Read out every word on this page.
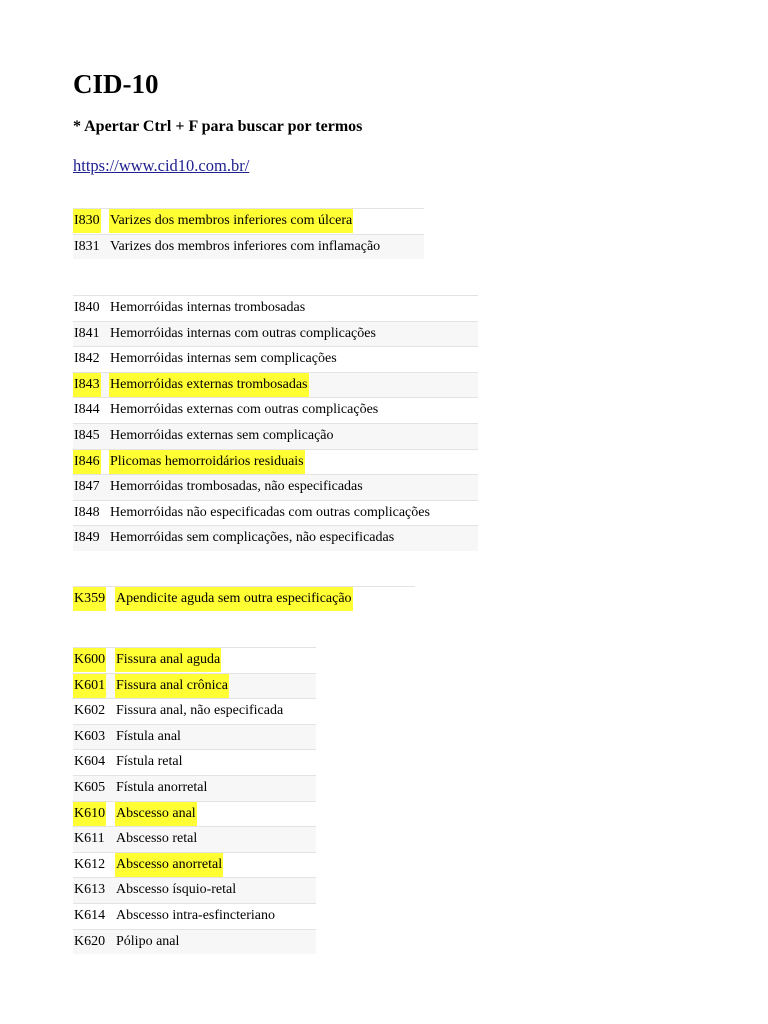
CID-10
* Apertar Ctrl + F para buscar por termos
https://www.cid10.com.br/
I830 Varizes dos membros inferiores com úlcera
I831 Varizes dos membros inferiores com inflamação
I840 Hemorróidas internas trombosadas
I841 Hemorróidas internas com outras complicações
I842 Hemorróidas internas sem complicações
I843 Hemorróidas externas trombosadas
I844 Hemorróidas externas com outras complicações
I845 Hemorróidas externas sem complicação
I846 Plicomas hemorroidários residuais
I847 Hemorróidas trombosadas, não especificadas
I848 Hemorróidas não especificadas com outras complicações
I849 Hemorróidas sem complicações, não especificadas
K359 Apendicite aguda sem outra especificação
K600 Fissura anal aguda
K601 Fissura anal crônica
K602 Fissura anal, não especificada
K603 Fístula anal
K604 Fístula retal
K605 Fístula anorretal
K610 Abscesso anal
K611 Abscesso retal
K612 Abscesso anorretal
K613 Abscesso ísquio-retal
K614 Abscesso intra-esfincteriano
K620 Pólipo anal
